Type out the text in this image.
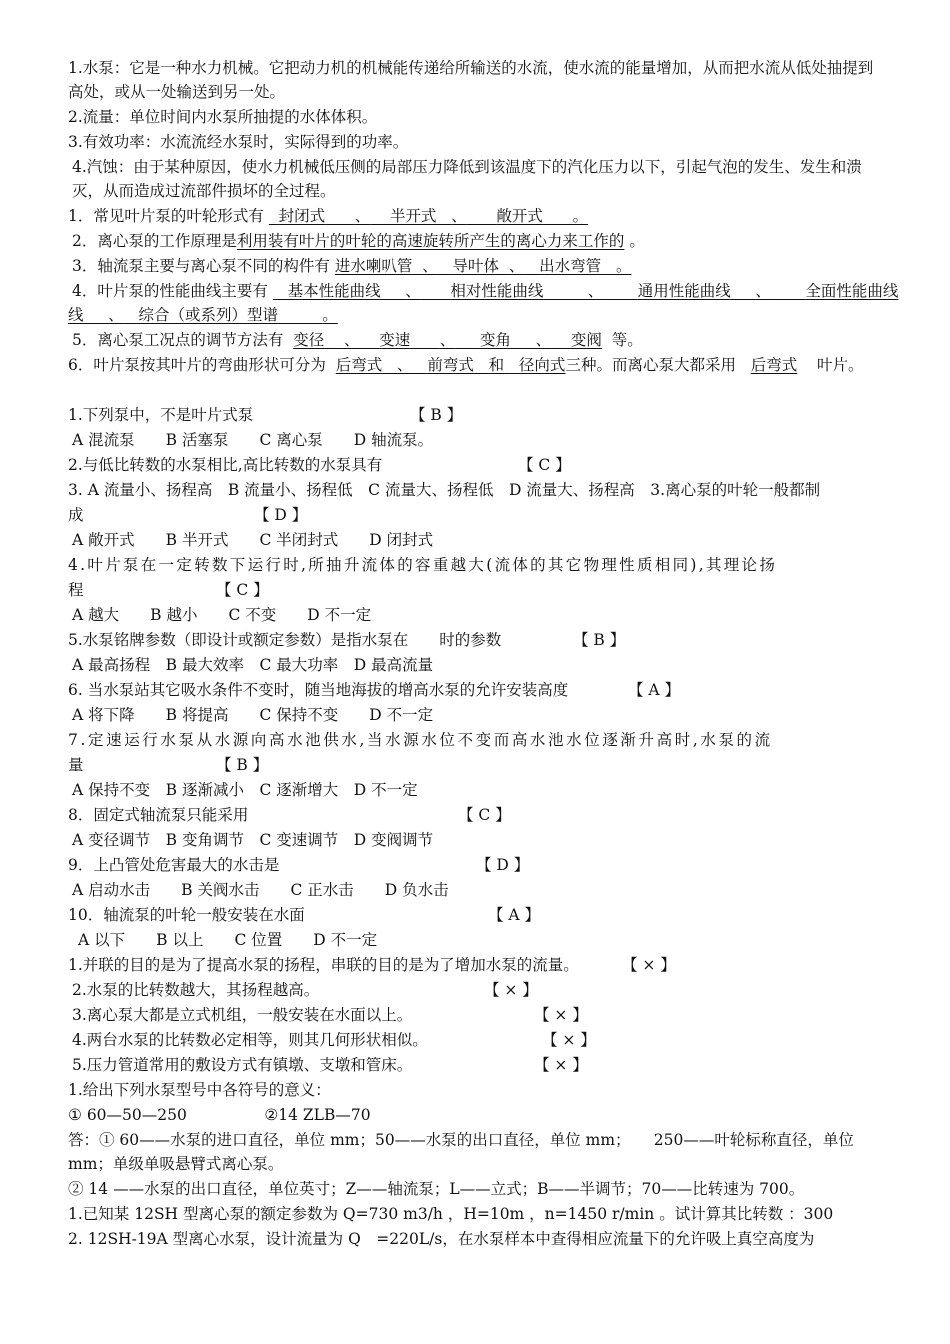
1.水泵：它是一种水力机械。它把动力机的机械能传递给所输送的水流，使水流的能量增加，从而把水流从低处抽提到高处，或从一处输送到另一处。
2.流量：单位时间内水泵所抽提的水体体积。
3.有效功率：水流流经水泵时，实际得到的功率。
4.汽蚀：由于某种原因，使水力机械低压侧的局部压力降低到该温度下的汽化压力以下，引起气泡的发生、发生和溃灭，从而造成过流部件损坏的全过程。
1．常见叶片泵的叶轮形式有 封闭式 、 半开式 、 敞开式 。
2．离心泵的工作原理是利用装有叶片的叶轮的高速旋转所产生的离心力来工作的 。
3．轴流泵主要与离心泵不同的构件有 进水喇叭管 、 导叶体 、 出水弯管 。
4．叶片泵的性能曲线主要有 基本性能曲线 、 相对性能曲线	、 通用性能曲线 、 全面性能曲线
线     、 综合（或系列）型谱	。
5．离心泵工况点的调节方法有 变径 、 变速 、 变角 、 变阀 等。
6．叶片泵按其叶片的弯曲形状可分为 后弯式 、 前弯式 和 径向式三种。而离心泵大都采用 后弯式 叶片。
1.下列泵中，不是叶片式泵	【 B 】
A 混流泵　　B 活塞泵　　C 离心泵　　D 轴流泵。
2.与低比转数的水泵相比,高比转数的水泵具有	【 C 】
3. A 流量小、扬程高　B 流量小、扬程低　C 流量大、扬程低　D 流量大、扬程高　3.离心泵的叶轮一般都制
成	【 D 】
A 敞开式　　B 半开式　　C 半闭封式　　D 闭封式
4.叶片泵在一定转数下运行时,所抽升流体的容重越大(流体的其它物理性质相同),其理论扬
程	【 C 】
A 越大　　B 越小　　C 不变　　D 不一定
5.水泵铭牌参数（即设计或额定参数）是指水泵在　　时的参数	【 B 】
A 最高扬程　B 最大效率　C 最大功率　D 最高流量
6. 当水泵站其它吸水条件不变时，随当地海拔的增高水泵的允许安装高度	【 A 】
A 将下降　　B 将提高　　C 保持不变　　D 不一定
7.定速运行水泵从水源向高水池供水,当水源水位不变而高水池水位逐渐升高时,水泵的流
量	【 B 】
A 保持不变　B 逐渐减小　C 逐渐增大　D 不一定
8．固定式轴流泵只能采用	【 C 】
A 变径调节　B 变角调节　C 变速调节　D 变阀调节
9．上凸管处危害最大的水击是	【 D 】
A 启动水击　　B 关阀水击　　C 正水击　　D 负水击
10．轴流泵的叶轮一般安装在水面	【 A 】
A 以下　　B 以上　　C 位置　　D 不一定
1.并联的目的是为了提高水泵的扬程，串联的目的是为了增加水泵的流量。	【 × 】
2.水泵的比转数越大，其扬程越高。	【 × 】
3.离心泵大都是立式机组，一般安装在水面以上。	【 × 】
4.两台水泵的比转数必定相等，则其几何形状相似。	【 × 】
5.压力管道常用的敷设方式有镇墩、支墩和管床。	【 × 】
1.给出下列水泵型号中各符号的意义：
① 60—50—250　　　　　②14 ZLB—70
答：① 60——水泵的进口直径，单位 mm；50——水泵的出口直径，单位 mm；　　250——叶轮标称直径，单位 mm；单级单吸悬臂式离心泵。
② 14 ——水泵的出口直径，单位英寸；Z——轴流泵；L——立式；B——半调节；70——比转速为 700。
1.已知某 12SH 型离心泵的额定参数为 Q=730 m3/h ，H=10m ，n=1450 r/min 。试计算其比转数 ：300
2. 12SH-19A 型离心水泵，设计流量为 Q　=220L/s，在水泵样本中查得相应流量下的允许吸上真空高度为
